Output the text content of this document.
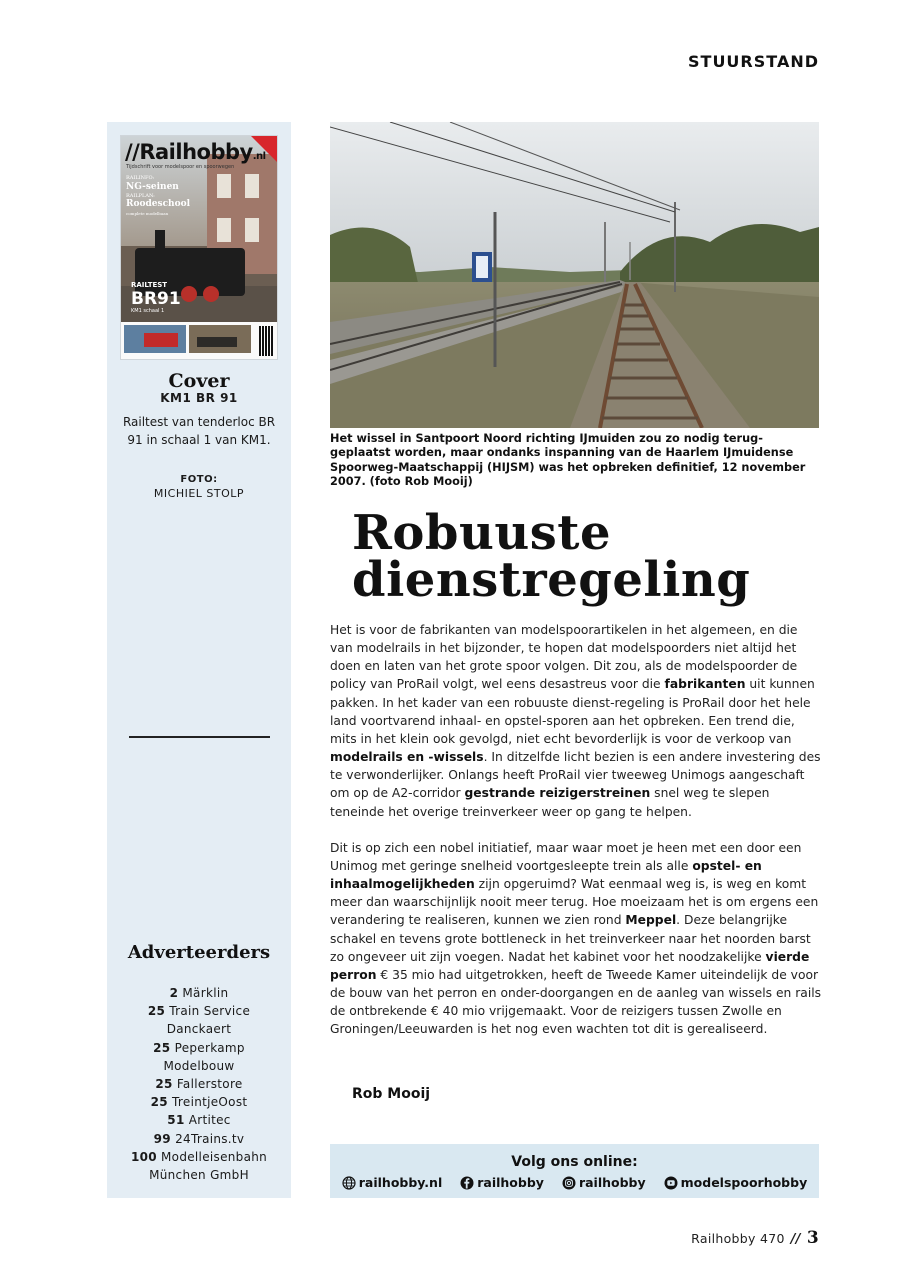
STUURSTAND
//Railhobby.nl
Tijdschrift voor modelspoor en spoorwegen
RAILINFO:
NG-seinen
RAILPLAN:
Roodeschool
complete modelbaan
RAILTEST
BR91
KM1 schaal 1
Cover
KM1 BR 91
Railtest van tenderloc BR 91 in schaal 1 van KM1.
FOTO:
MICHIEL STOLP
Adverteerders
2 Märklin
25 Train Service Danckaert
25 Peperkamp Modelbouw
25 Fallerstore
25 TreintjeOost
51 Artitec
99 24Trains.tv
100 Modelleisenbahn München GmbH
Het wissel in Santpoort Noord richting IJmuiden zou zo nodig terug-geplaatst worden, maar ondanks inspanning van de Haarlem IJmuidense Spoorweg-Maatschappij (HIJSM) was het opbreken definitief, 12 november 2007. (foto Rob Mooij)
Robuuste
dienstregeling

Het is voor de fabrikanten van modelspoorartikelen in het algemeen, en die van modelrails in het bijzonder, te hopen dat modelspoorders niet altijd het doen en laten van het grote spoor volgen. Dit zou, als de modelspoorder de policy van ProRail volgt, wel eens desastreus voor die fabrikanten uit kunnen pakken. In het kader van een robuuste dienst-regeling is ProRail door het hele land voortvarend inhaal- en opstel-sporen aan het opbreken. Een trend die, mits in het klein ook gevolgd, niet echt bevorderlijk is voor de verkoop van modelrails en -wissels. In ditzelfde licht bezien is een andere investering des te verwonderlijker. Onlangs heeft ProRail vier tweeweg Unimogs aangeschaft om op de A2-corridor gestrande reizigerstreinen snel weg te slepen teneinde het overige treinverkeer weer op gang te helpen.

Dit is op zich een nobel initiatief, maar waar moet je heen met een door een Unimog met geringe snelheid voortgesleepte trein als alle opstel- en inhaalmogelijkheden zijn opgeruimd? Wat eenmaal weg is, is weg en komt meer dan waarschijnlijk nooit meer terug. Hoe moeizaam het is om ergens een verandering te realiseren, kunnen we zien rond Meppel. Deze belangrijke schakel en tevens grote bottleneck in het treinverkeer naar het noorden barst zo ongeveer uit zijn voegen. Nadat het kabinet voor het noodzakelijke vierde perron € 35 mio had uitgetrokken, heeft de Tweede Kamer uiteindelijk de voor de bouw van het perron en onder-doorgangen en de aanleg van wissels en rails de ontbrekende € 40 mio vrijgemaakt. Voor de reizigers tussen Zwolle en Groningen/Leeuwarden is het nog even wachten tot dit is gerealiseerd.

Rob Mooij
Volg ons online:
railhobby.nl	railhobby	railhobby	modelspoorhobby
Railhobby 470 // 3
